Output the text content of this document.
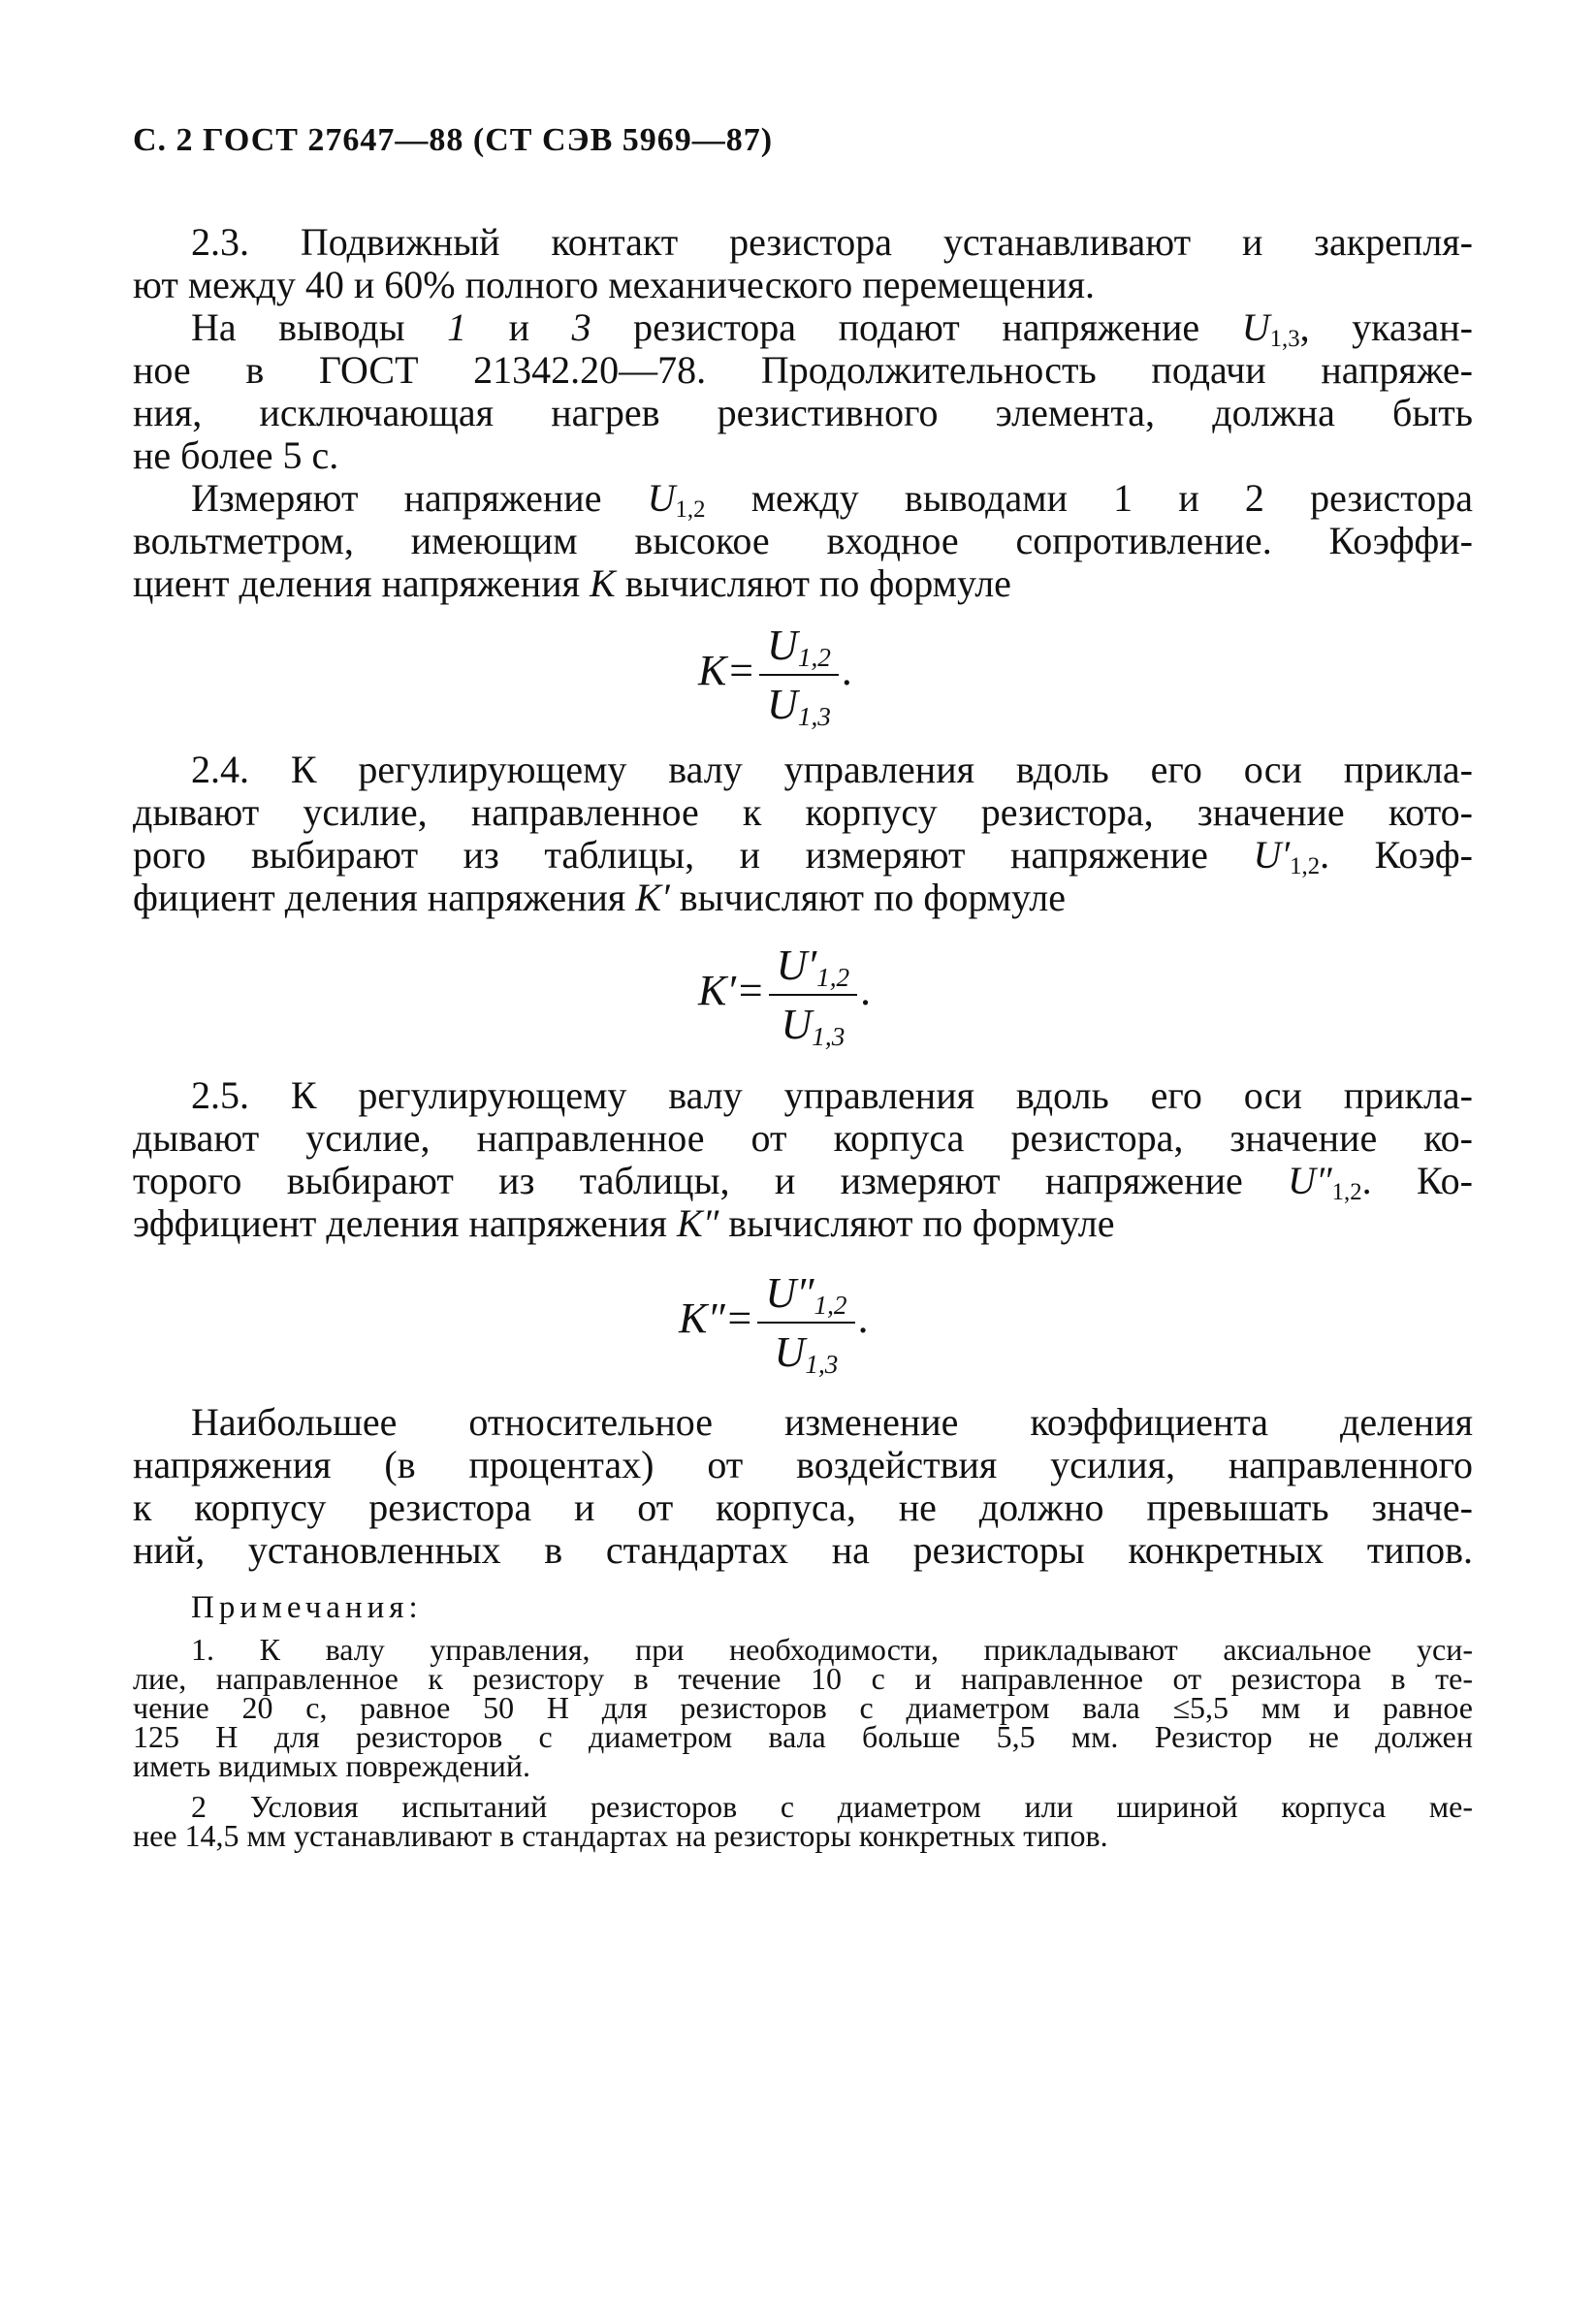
С. 2 ГОСТ 27647—88 (СТ СЭВ 5969—87)
2.3. Подвижный контакт резистора устанавливают и закрепля-
ют между 40 и 60% полного механического перемещения.
На выводы 1 и 3 резистора подают напряжение $U_{1,3}$, указан-
ное в ГОСТ 21342.20—78. Продолжительность подачи напряже-
ния, исключающая нагрев резистивного элемента, должна быть
не более 5 с.
Измеряют напряжение $U_{1,2}$ между выводами 1 и 2 резистора
вольтметром, имеющим высокое входное сопротивление. Коэффи-
циент деления напряжения K вычисляют по формуле
$K= \frac{U_{1,2}}{U_{1,3}}$ .
2.4. К регулирующему валу управления вдоль его оси прикла-
дывают усилие, направленное к корпусу резистора, значение кото-
рого выбирают из таблицы, и измеряют напряжение $U'_{1,2}$. Коэф-
фициент деления напряжения K′ вычисляют по формуле
$K'= \frac{U'_{1,2}}{U_{1,3}}$ .
2.5. К регулирующему валу управления вдоль его оси прикла-
дывают усилие, направленное от корпуса резистора, значение ко-
торого выбирают из таблицы, и измеряют напряжение $U''_{1,2}$. Ко-
эффициент деления напряжения K″ вычисляют по формуле
$K''= \frac{U''_{1,2}}{U_{1,3}}$ .
Наибольшее относительное изменение коэффициента деления
напряжения (в процентах) от воздействия усилия, направленного
к корпусу резистора и от корпуса, не должно превышать значе-
ний, установленных в стандартах на резисторы конкретных типов.
Примечания:
1. К валу управления, при необходимости, прикладывают аксиальное уси-
лие, направленное к резистору в течение 10 с и направленное от резистора в те-
чение 20 с, равное 50 Н для резисторов с диаметром вала ≤5,5 мм и равное
125 Н для резисторов с диаметром вала больше 5,5 мм. Резистор не должен
иметь видимых повреждений.
2 Условия испытаний резисторов с диаметром или шириной корпуса ме-
нее 14,5 мм устанавливают в стандартах на резисторы конкретных типов.
